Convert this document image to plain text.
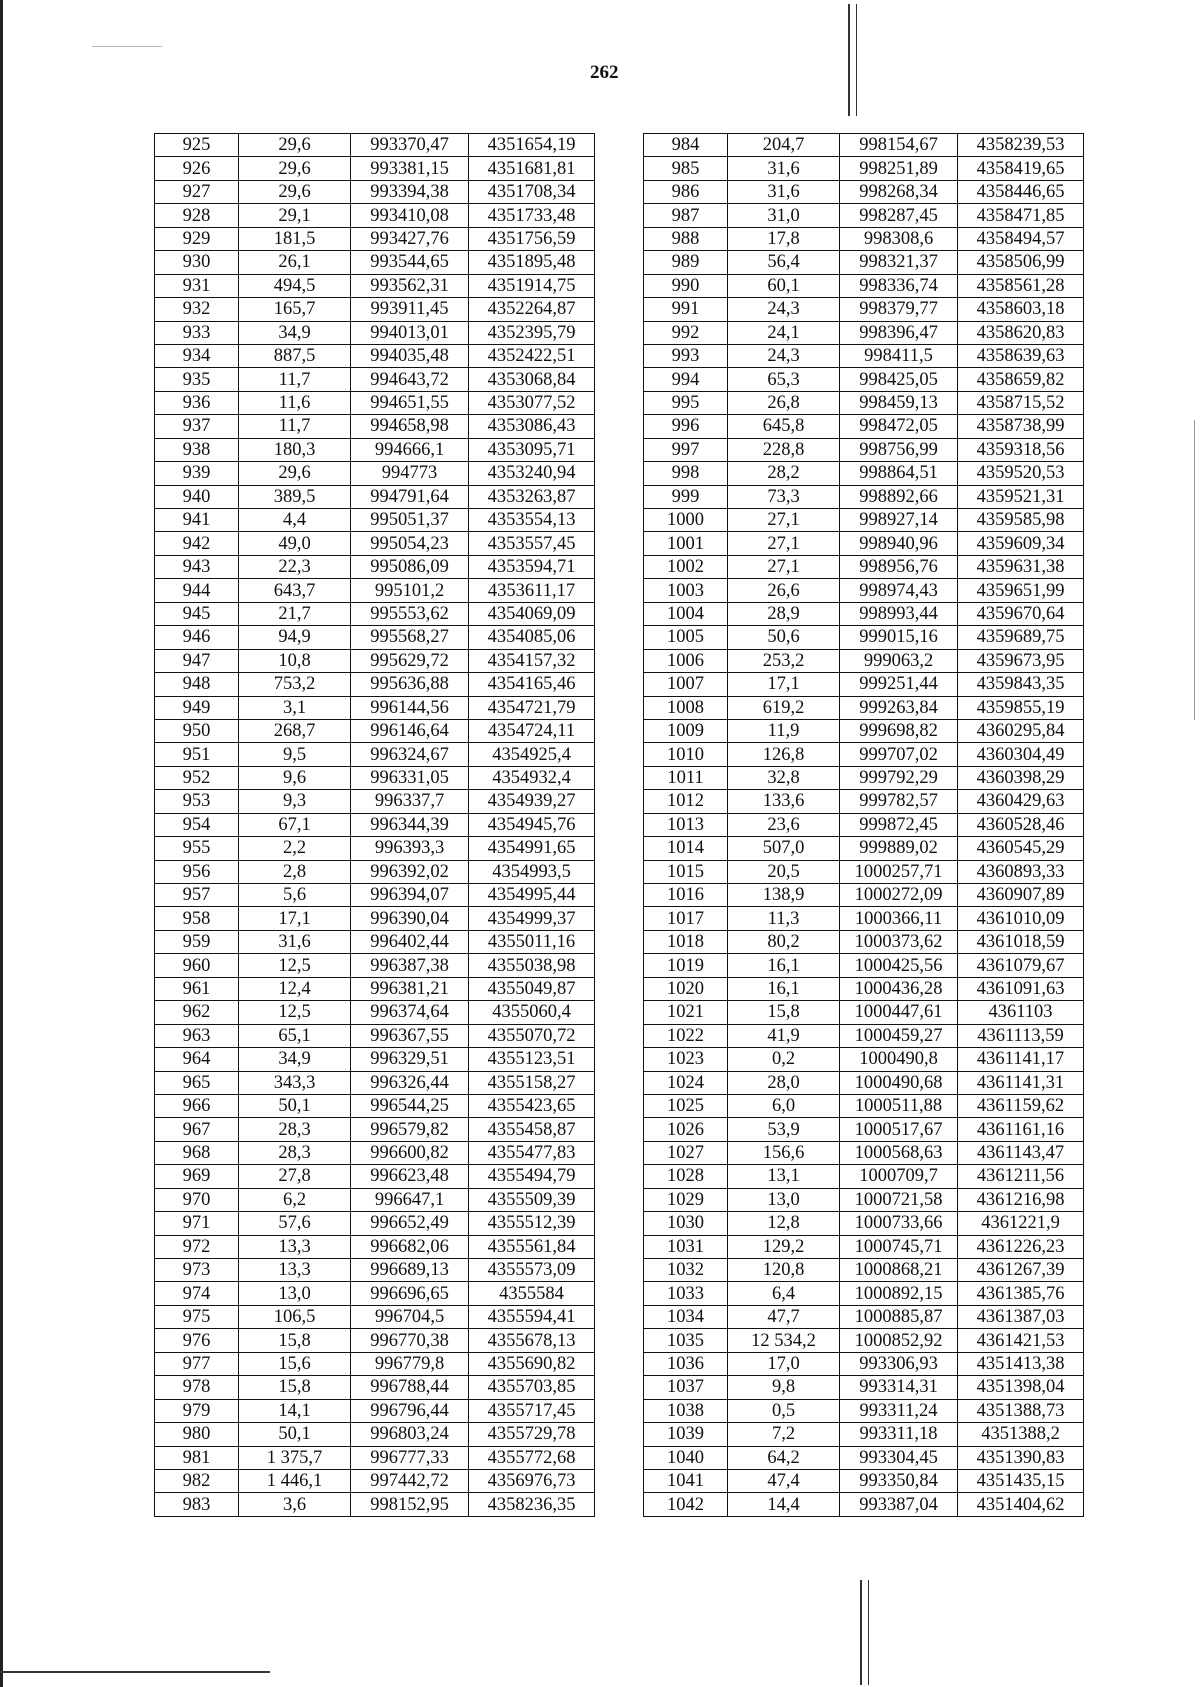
262
925	29,6	993370,47	4351654,19
926	29,6	993381,15	4351681,81
927	29,6	993394,38	4351708,34
928	29,1	993410,08	4351733,48
929	181,5	993427,76	4351756,59
930	26,1	993544,65	4351895,48
931	494,5	993562,31	4351914,75
932	165,7	993911,45	4352264,87
933	34,9	994013,01	4352395,79
934	887,5	994035,48	4352422,51
935	11,7	994643,72	4353068,84
936	11,6	994651,55	4353077,52
937	11,7	994658,98	4353086,43
938	180,3	994666,1	4353095,71
939	29,6	994773	4353240,94
940	389,5	994791,64	4353263,87
941	4,4	995051,37	4353554,13
942	49,0	995054,23	4353557,45
943	22,3	995086,09	4353594,71
944	643,7	995101,2	4353611,17
945	21,7	995553,62	4354069,09
946	94,9	995568,27	4354085,06
947	10,8	995629,72	4354157,32
948	753,2	995636,88	4354165,46
949	3,1	996144,56	4354721,79
950	268,7	996146,64	4354724,11
951	9,5	996324,67	4354925,4
952	9,6	996331,05	4354932,4
953	9,3	996337,7	4354939,27
954	67,1	996344,39	4354945,76
955	2,2	996393,3	4354991,65
956	2,8	996392,02	4354993,5
957	5,6	996394,07	4354995,44
958	17,1	996390,04	4354999,37
959	31,6	996402,44	4355011,16
960	12,5	996387,38	4355038,98
961	12,4	996381,21	4355049,87
962	12,5	996374,64	4355060,4
963	65,1	996367,55	4355070,72
964	34,9	996329,51	4355123,51
965	343,3	996326,44	4355158,27
966	50,1	996544,25	4355423,65
967	28,3	996579,82	4355458,87
968	28,3	996600,82	4355477,83
969	27,8	996623,48	4355494,79
970	6,2	996647,1	4355509,39
971	57,6	996652,49	4355512,39
972	13,3	996682,06	4355561,84
973	13,3	996689,13	4355573,09
974	13,0	996696,65	4355584
975	106,5	996704,5	4355594,41
976	15,8	996770,38	4355678,13
977	15,6	996779,8	4355690,82
978	15,8	996788,44	4355703,85
979	14,1	996796,44	4355717,45
980	50,1	996803,24	4355729,78
981	1 375,7	996777,33	4355772,68
982	1 446,1	997442,72	4356976,73
983	3,6	998152,95	4358236,35
984	204,7	998154,67	4358239,53
985	31,6	998251,89	4358419,65
986	31,6	998268,34	4358446,65
987	31,0	998287,45	4358471,85
988	17,8	998308,6	4358494,57
989	56,4	998321,37	4358506,99
990	60,1	998336,74	4358561,28
991	24,3	998379,77	4358603,18
992	24,1	998396,47	4358620,83
993	24,3	998411,5	4358639,63
994	65,3	998425,05	4358659,82
995	26,8	998459,13	4358715,52
996	645,8	998472,05	4358738,99
997	228,8	998756,99	4359318,56
998	28,2	998864,51	4359520,53
999	73,3	998892,66	4359521,31
1000	27,1	998927,14	4359585,98
1001	27,1	998940,96	4359609,34
1002	27,1	998956,76	4359631,38
1003	26,6	998974,43	4359651,99
1004	28,9	998993,44	4359670,64
1005	50,6	999015,16	4359689,75
1006	253,2	999063,2	4359673,95
1007	17,1	999251,44	4359843,35
1008	619,2	999263,84	4359855,19
1009	11,9	999698,82	4360295,84
1010	126,8	999707,02	4360304,49
1011	32,8	999792,29	4360398,29
1012	133,6	999782,57	4360429,63
1013	23,6	999872,45	4360528,46
1014	507,0	999889,02	4360545,29
1015	20,5	1000257,71	4360893,33
1016	138,9	1000272,09	4360907,89
1017	11,3	1000366,11	4361010,09
1018	80,2	1000373,62	4361018,59
1019	16,1	1000425,56	4361079,67
1020	16,1	1000436,28	4361091,63
1021	15,8	1000447,61	4361103
1022	41,9	1000459,27	4361113,59
1023	0,2	1000490,8	4361141,17
1024	28,0	1000490,68	4361141,31
1025	6,0	1000511,88	4361159,62
1026	53,9	1000517,67	4361161,16
1027	156,6	1000568,63	4361143,47
1028	13,1	1000709,7	4361211,56
1029	13,0	1000721,58	4361216,98
1030	12,8	1000733,66	4361221,9
1031	129,2	1000745,71	4361226,23
1032	120,8	1000868,21	4361267,39
1033	6,4	1000892,15	4361385,76
1034	47,7	1000885,87	4361387,03
1035	12 534,2	1000852,92	4361421,53
1036	17,0	993306,93	4351413,38
1037	9,8	993314,31	4351398,04
1038	0,5	993311,24	4351388,73
1039	7,2	993311,18	4351388,2
1040	64,2	993304,45	4351390,83
1041	47,4	993350,84	4351435,15
1042	14,4	993387,04	4351404,62
